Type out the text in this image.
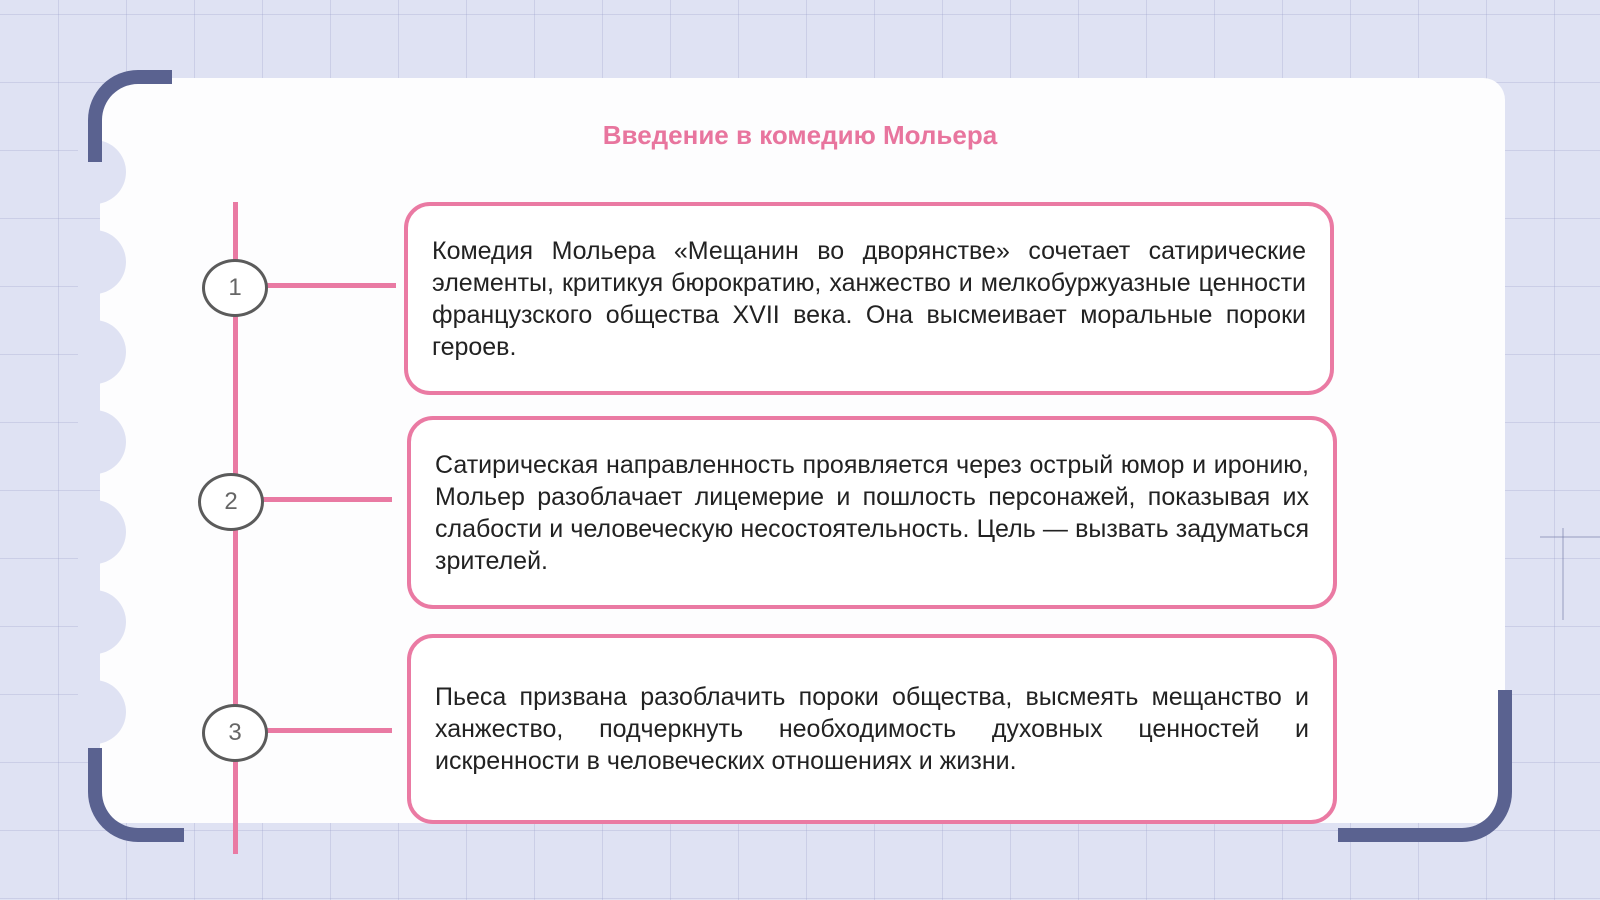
Введение в комедию Мольера
1

Комедия Мольера «Мещанин во дворянстве» сочетает сатирические элементы, критикуя бюрократию, ханжество и мелкобуржуазные ценности французского общества XVII века. Она высмеивает моральные пороки героев.

2

Сатирическая направленность проявляется через острый юмор и иронию, Мольер разоблачает лицемерие и пошлость персонажей, показывая их слабости и человеческую несостоятельность. Цель — вызвать задуматься зрителей.

3

Пьеса призвана разоблачить пороки общества, высмеять мещанство и ханжество, подчеркнуть необходимость духовных ценностей и искренности в человеческих отношениях и жизни.
